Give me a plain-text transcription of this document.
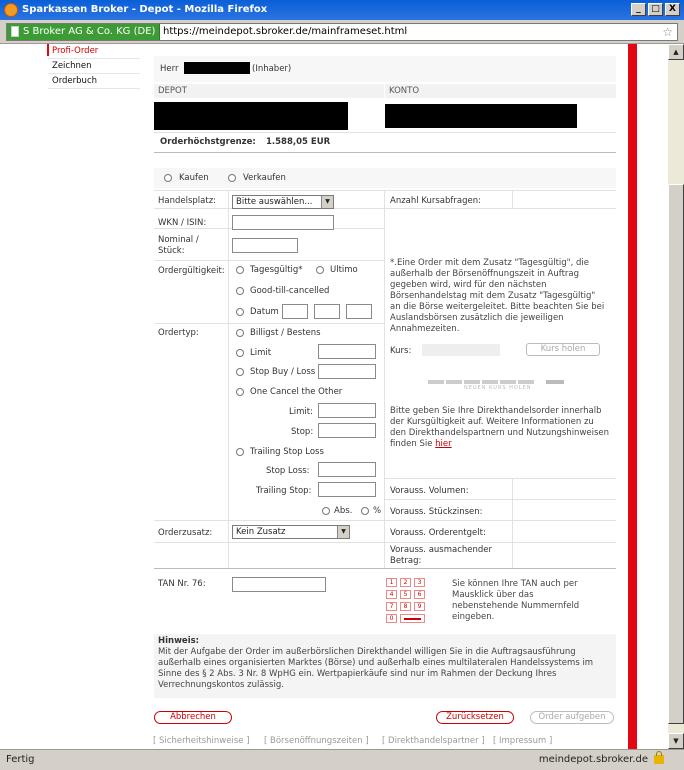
Sparkassen Broker - Depot - Mozilla Firefox	_	□	X
S Broker AG & Co. KG (DE) https://meindepot.sbroker.de/mainframeset.html	☆
Profi-Order
Zeichnen
Orderbuch
Herr	(Inhaber)
DEPOT	KONTO
Orderhöchstgrenze: 1.588,05 EUR
Kaufen	Verkaufen
Handelsplatz:	Bitte auswählen...	▼	Anzahl Kursabfragen:
WKN / ISIN:
Nominal / Stück:
Ordergültigkeit:	Tagesgültig*	Ultimo
Good-till-cancelled
Datum
Ordertyp:	Billigst / Bestens
Limit
Stop Buy / Loss
One Cancel the Other
Limit:
Stop:
Trailing Stop Loss
Stop Loss:
Trailing Stop:
Abs. %
Orderzusatz:	Kein Zusatz	▼
*.Eine Order mit dem Zusatz "Tagesgültig", die außerhalb der Börsenöffnungszeit in Auftrag gegeben wird, wird für den nächsten Börsenhandelstag mit dem Zusatz "Tagesgültig" an die Börse weitergeleitet. Bitte beachten Sie bei Auslandsbörsen zusätzlich die jeweiligen Annahmezeiten.
Kurs:	Kurs holen
NEUEN KURS HOLEN
Bitte geben Sie Ihre Direkthandelsorder innerhalb der Kursgültigkeit auf. Weitere Informationen zu den Direkthandelspartnern und Nutzungshinweisen finden Sie hier
Vorauss. Volumen:
Vorauss. Stückzinsen:
Vorauss. Orderentgelt:
Vorauss. ausmachender Betrag:
TAN Nr. 76:	1	2	3
4	5	6
7	8	9
0
Sie können Ihre TAN auch per Mausklick über das nebenstehende Nummernfeld eingeben.
Hinweis:
Mit der Aufgabe der Order im außerbörslichen Direkthandel willigen Sie in die Auftragsausführung außerhalb eines organisierten Marktes (Börse) und außerhalb eines multilateralen Handelssystems im Sinne des § 2 Abs. 3 Nr. 8 WpHG ein. Wertpapierkäufe sind nur im Rahmen der Deckung Ihres Verrechnungskontos zulässig.
Abbrechen	Zurücksetzen	Order aufgeben
[ Sicherheitshinweise ] [ Börsenöffnungszeiten ] [ Direkthandelspartner ] [ Impressum ]
▲
▼
Fertig	meindepot.sbroker.de
